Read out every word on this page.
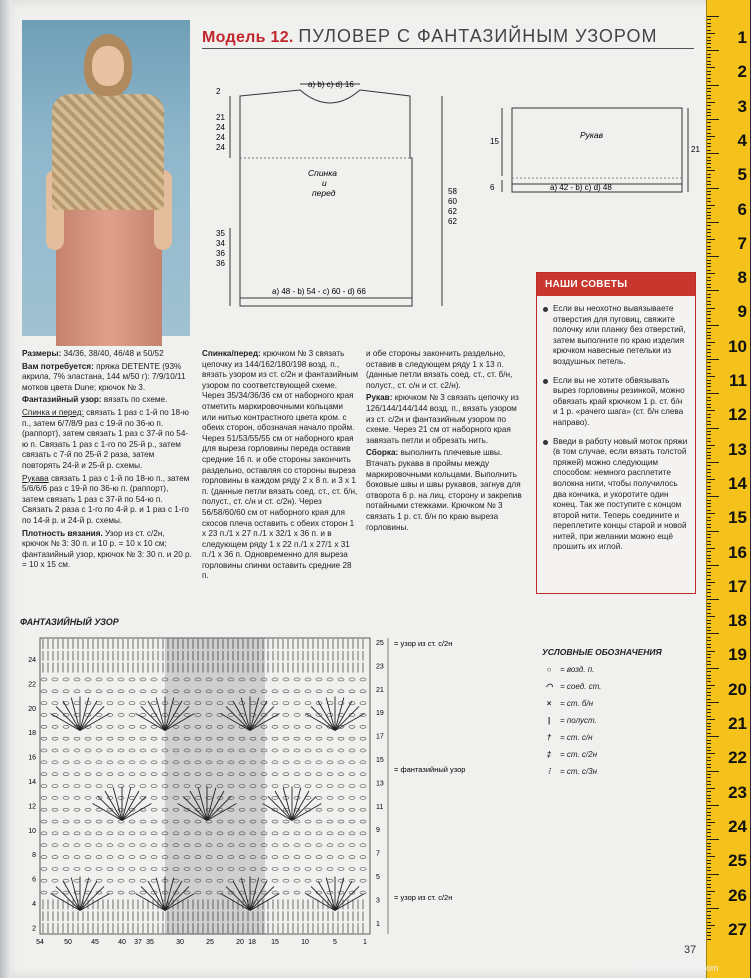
Модель 12. ПУЛОВЕР С ФАНТАЗИЙНЫМ УЗОРОМ
a) b) c) d) 16
2
21
24
24
24
35
34
36
36
Спинка
и
перед	58
60
62
62
a) 48 - b) 54 - c) 60 - d) 66
15
6
Рукав
21
a) 42 - b) c) d) 48

Размеры: 34/36, 38/40, 46/48 и 50/52

Вам потребуется: пряжа DETENTE (93% акрила, 7% эластана, 144 м/50 г): 7/9/10/11 мотков цвета Dune; крючок № 3.

Фантазийный узор: вязать по схеме.

Спинка и перед: связать 1 раз с 1-й по 18-ю п., затем 6/7/8/9 раз с 19-й по 36-ю п. (раппорт), затем связать 1 раз с 37-й по 54-ю п. Связать 1 раз с 1-го по 25-й р., затем связать с 7-й по 25-й 2 раза, затем повторять 24-й и 25-й р. схемы.

Рукава связать 1 раз с 1-й по 18-ю п., затем 5/6/6/6 раз с 19-й по 36-ю п. (раппорт), затем связать 1 раз с 37-й по 54-ю п. Связать 2 раза с 1-го по 4-й р. и 1 раз с 1-го по 14-й р. и 24-й р. схемы.

Плотность вязания. Узор из ст. с/2н, крючок № 3: 30 п. и 10 р. = 10 х 10 см; фантазийный узор, крючок № 3: 30 п. и 20 р. = 10 х 15 см.

Спинка/перед: крючком № 3 связать цепочку из 144/162/180/198 возд. п., вязать узором из ст. с/2н и фантазийным узором по соответствующей схеме. Через 35/34/36/36 см от наборного края отметить маркировочными кольцами или нитью контрастного цвета кром. с обеих сторон, обозначая начало пройм. Через 51/53/55/55 см от наборного края для выреза горловины переда оставив средние 16 п. и обе стороны закончить раздельно, оставляя со стороны выреза горловины в каждом ряду 2 х 8 п. и 3 х 1 п. (данные петли вязать соед. ст., ст. б/н, полуст., ст. с/н и ст. с/2н). Через 56/58/60/60 см от наборного края для скосов плеча оставить с обеих сторон 1 х 23 п./1 х 27 п./1 х 32/1 х 36 п. и в следующем ряду 1 х 22 п./1 х 27/1 х 31 п./1 х 36 п. Одновременно для выреза горловины спинки оставить средние 28 п.

и обе стороны закончить раздельно, оставив в следующем ряду 1 х 13 п. (данные петли вязать соед. ст., ст. б/н, полуст., ст. с/н и ст. с2/н).

Рукав: крючком № 3 связать цепочку из 126/144/144/144 возд. п., вязать узором из ст. с/2н и фантазийным узором по схеме. Через 21 см от наборного края завязать петли и обрезать нить.

Сборка: выполнить плечевые швы. Втачать рукава в проймы между маркировочными кольцами. Выполнить боковые швы и швы рукавов, загнув для отворота 6 р. на лиц. сторону и закрепив потайными стежками. Крючком № 3 связать 1 р. ст. б/н по краю выреза горловины.

НАШИ СОВЕТЫ
Если вы неохотно вывязываете отверстия для пуговиц, свяжите полочку или планку без отверстий, затем выполните по краю изделия крючком навесные петельки из воздушных петель.
Если вы не хотите обвязывать вырез горловины резинкой, можно обвязать край крючком 1 р. ст. б/н и 1 р. «рачего шага» (ст. б/н слева направо).
Введи в работу новый моток пряжи (в том случае, если вязать толстой пряжей) можно следующим способом: немного расплетите волокна нити, чтобы получилось два кончика, и укоротите один конец. Так же поступите с концом второй нити. Теперь соедините и переплетите концы старой и новой нитей, при желании можно ещё прошить их иглой.
ФАНТАЗИЙНЫЙ УЗОР
24
22
20
18
16
14
12
10
8
6
4
2
25
23
21
19
17
15
13
11
9
7
5
3
1
54	50	45	40 37 35	30	25	20 18 15	10	5	1
= узор из ст. с/2н
= фантазийный узор
= узор из ст. с/2н
УСЛОВНЫЕ ОБОЗНАЧЕНИЯ
○	= возд. п.
◠ = соед. ст.
×	= ст. б/н
|	= полуст.
†	= ст. с/н
‡	= ст. с/2н
⫶	= ст. с/3н
37
1
2
3
4
5
6
7
8
9
10
11
12
13
14
15
16
17
18
19
20
21
22
23
24
25
26
27
tsgtxkr.blog.163.com
